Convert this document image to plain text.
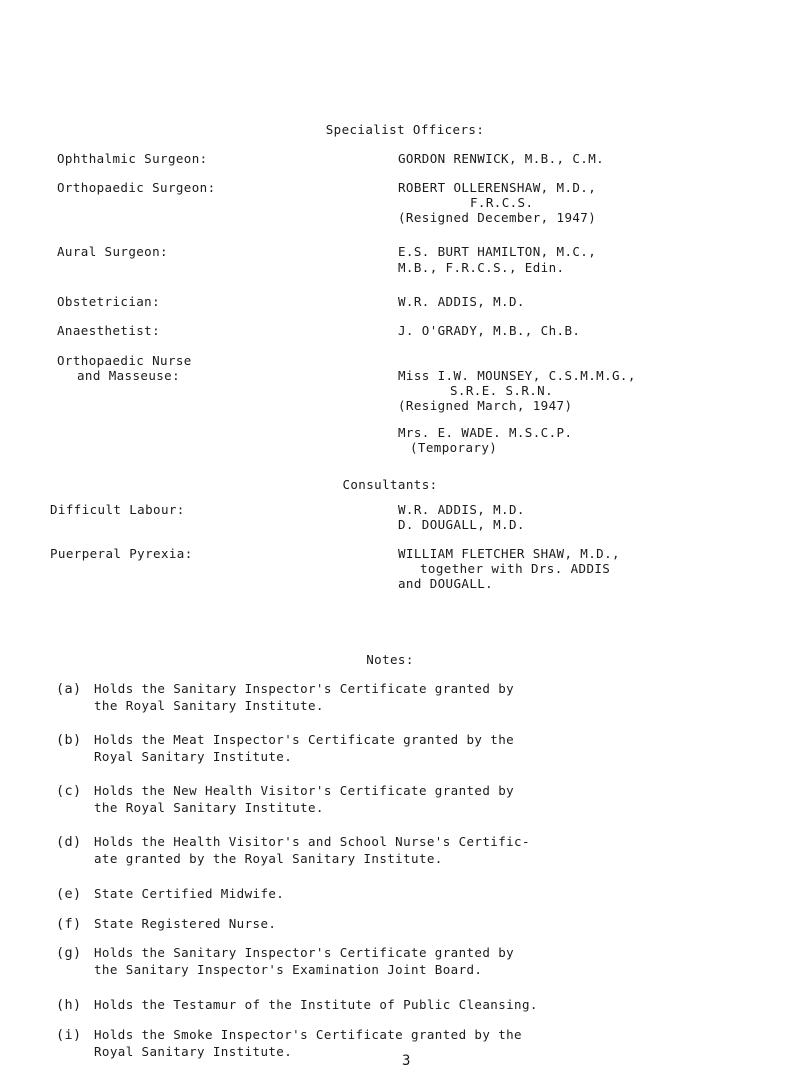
Specialist Officers:
Ophthalmic Surgeon:	GORDON RENWICK, M.B., C.M.
Orthopaedic Surgeon:	ROBERT OLLERENSHAW, M.D.,
F.R.C.S.
(Resigned December, 1947)
Aural Surgeon:	E.S. BURT HAMILTON, M.C.,
M.B., F.R.C.S., Edin.
Obstetrician:	W.R. ADDIS, M.D.
Anaesthetist:	J. O'GRADY, M.B., Ch.B.
Orthopaedic Nurse
and Masseuse:	Miss I.W. MOUNSEY, C.S.M.M.G.,
S.R.E. S.R.N.
(Resigned March, 1947)
Mrs. E. WADE. M.S.C.P.
(Temporary)
Consultants:
Difficult Labour:	W.R. ADDIS, M.D.
D. DOUGALL, M.D.
Puerperal Pyrexia:	WILLIAM FLETCHER SHAW, M.D.,
together with Drs. ADDIS
and DOUGALL.
Notes:
(a) Holds the Sanitary Inspector's Certificate granted by
the Royal Sanitary Institute.
(b) Holds the Meat Inspector's Certificate granted by the
Royal Sanitary Institute.
(c) Holds the New Health Visitor's Certificate granted by
the Royal Sanitary Institute.
(d) Holds the Health Visitor's and School Nurse's Certific-
ate granted by the Royal Sanitary Institute.
(e) State Certified Midwife.
(f) State Registered Nurse.
(g) Holds the Sanitary Inspector's Certificate granted by
the Sanitary Inspector's Examination Joint Board.
(h) Holds the Testamur of the Institute of Public Cleansing.
(i) Holds the Smoke Inspector's Certificate granted by the
Royal Sanitary Institute.
3
